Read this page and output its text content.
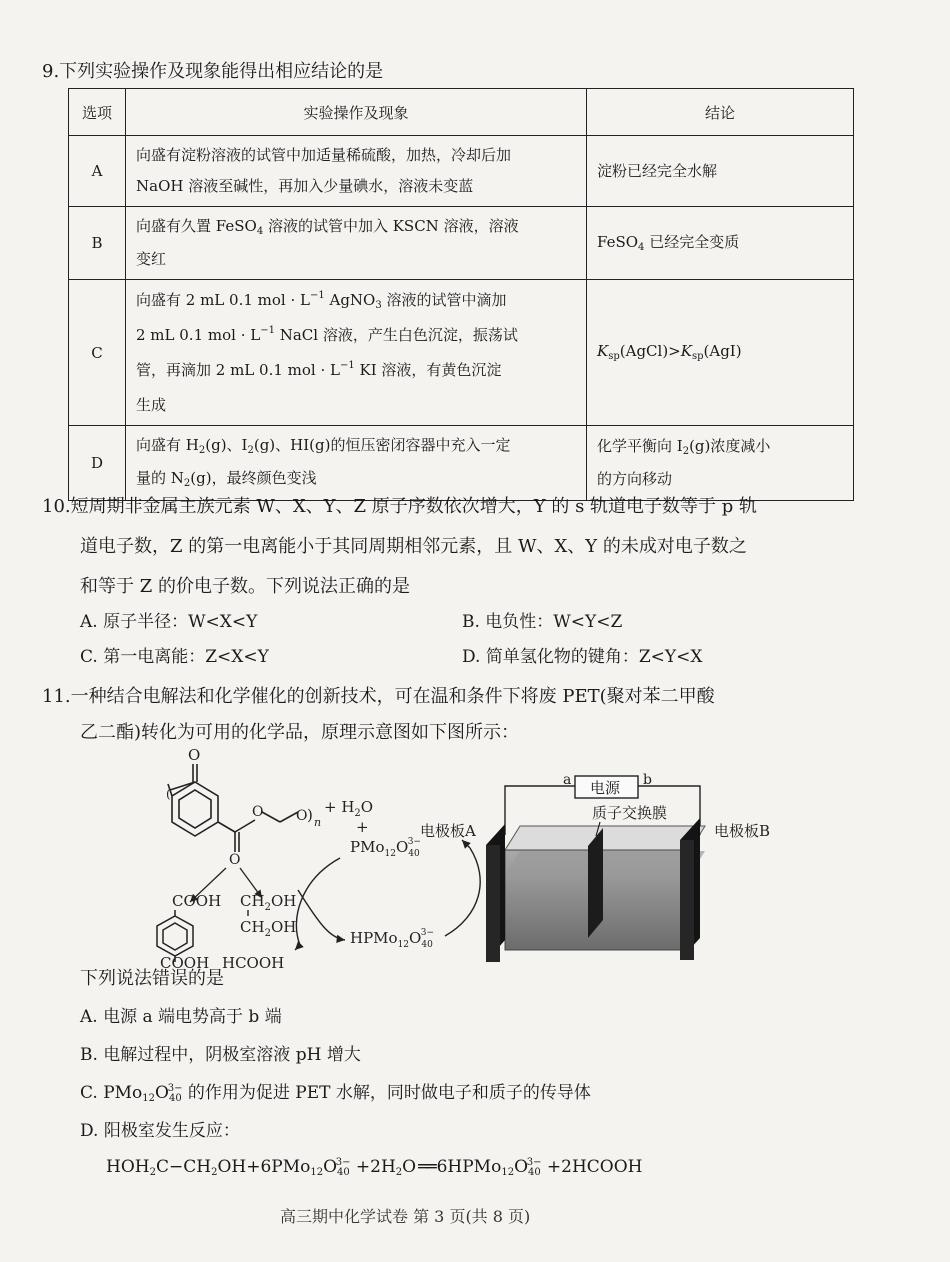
9.下列实验操作及现象能得出相应结论的是
选项	实验操作及现象	结论
A	向盛有淀粉溶液的试管中加适量稀硫酸，加热，冷却后加
NaOH 溶液至碱性，再加入少量碘水，溶液未变蓝	淀粉已经完全水解
B	向盛有久置 FeSO$_4$ 溶液的试管中加入 KSCN 溶液，溶液
变红	FeSO$_4$ 已经完全变质
C	向盛有 2 mL 0.1 mol · $L^{-1}$ AgNO$_3$ 溶液的试管中滴加
2 mL 0.1 mol · $L^{-1}$ NaCl 溶液，产生白色沉淀，振荡试
管，再滴加 2 mL 0.1 mol · $L^{-1}$ KI 溶液，有黄色沉淀
生成	$K_{sp}(AgCl)>K_{sp}(AgI)$
D	向盛有 $H_2(g)$、$I_2(g)$、HI(g)的恒压密闭容器中充入一定
量的 $N_2(g)$，最终颜色变浅	化学平衡向 $I_2(g)$浓度减小
的方向移动
10.短周期非金属主族元素 W、X、Y、Z 原子序数依次增大，Y 的 s 轨道电子数等于 p 轨
道电子数，Z 的第一电离能小于其同周期相邻元素，且 W、X、Y 的未成对电子数之
和等于 Z 的价电子数。下列说法正确的是
A. 原子半径：W<X<Y	B. 电负性：W<Y<Z
C. 第一电离能：Z<X<Y	D. 简单氢化物的键角：Z<Y<X
11.一种结合电解法和化学催化的创新技术，可在温和条件下将废 PET(聚对苯二甲酸
乙二酯)转化为可用的化学品，原理示意图如下图所示：
O
(
O O ) n
O
+ $H_2O$
+
$PMo_{12}O_{40}3-$
COOH $CH_2OH$
$CH_2OH$
COOH HCOOH
$HPMo_{12}O_{40}3-$
电源
a	b
质子交换膜
电极板A	电极板B
下列说法错误的是
A. 电源 a 端电势高于 b 端
B. 电解过程中，阴极室溶液 pH 增大
C. $PMo12O40^{3-}$ 的作用为促进 PET 水解，同时做电子和质子的传导体
D. 阳极室发生反应：
$HOH2C-CH2OH+6PMo12O40^{3-} +2H2O$ ══ $6HPMo12O40^{3-}$ +2HCOOH
高三期中化学试卷 第 3 页(共 8 页)
